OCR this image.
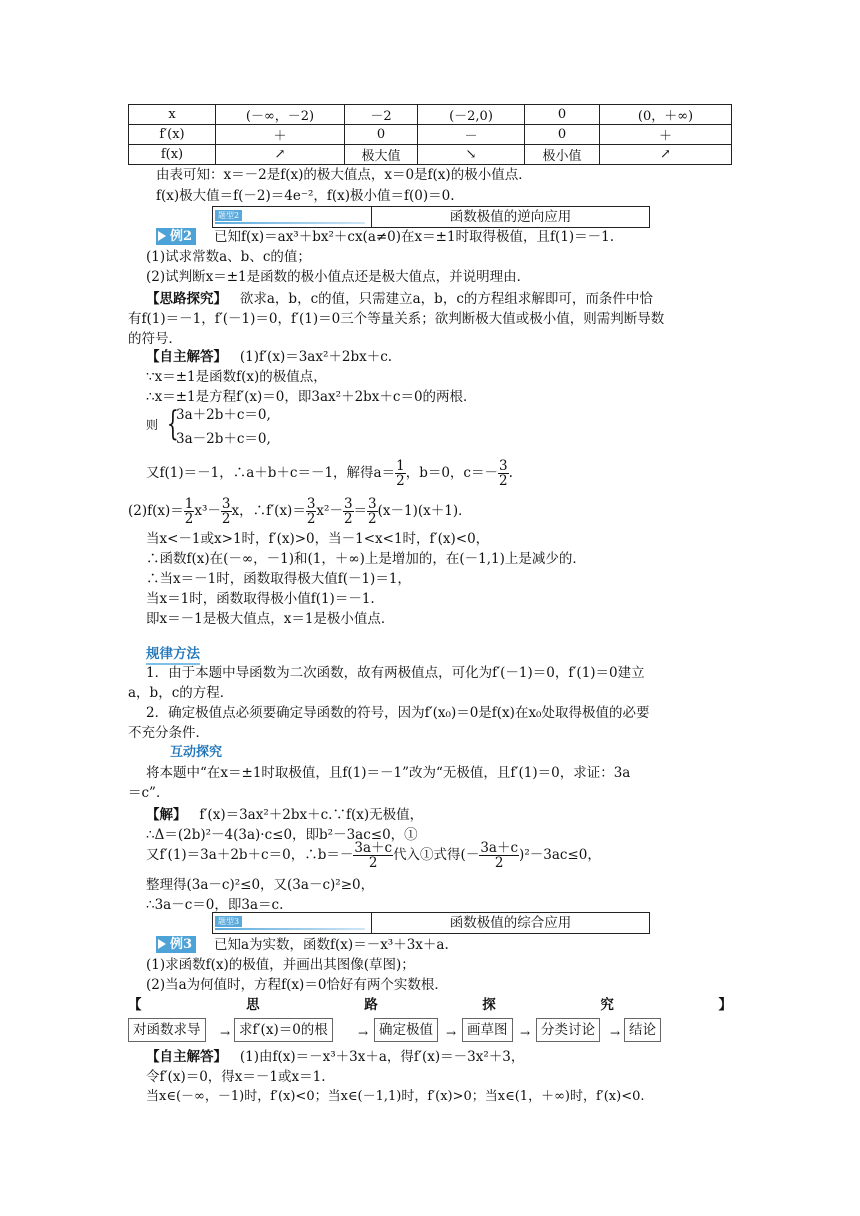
x	(－∞，－2)	－2	(－2,0)	0	(0，＋∞)
f′(x)	＋	0	－	0	＋
f(x)	↗	极大值	↘	极小值	↗
由表可知：x＝－2是f(x)的极大值点，x＝0是f(x)的极小值点．
f(x)极大值＝f(－2)＝4e⁻²，f(x)极小值＝f(0)＝0.
题型2	函数极值的逆向应用
例2 已知f(x)＝ax³＋bx²＋cx(a≠0)在x＝±1时取得极值，且f(1)＝－1.
(1)试求常数a、b、c的值；
(2)试判断x＝±1是函数的极小值点还是极大值点，并说明理由．
【思路探究】 欲求a，b，c的值，只需建立a，b，c的方程组求解即可，而条件中恰
有f(1)＝－1，f′(－1)＝0，f′(1)＝0三个等量关系；欲判断极大值或极小值，则需判断导数
的符号．
【自主解答】 (1)f′(x)＝3ax²＋2bx＋c.
∵x＝±1是函数f(x)的极值点，
∴x＝±1是方程f′(x)＝0，即3ax²＋2bx＋c＝0的两根．
则 {
3a＋2b＋c＝0,
3a－2b＋c＝0,
又f(1)＝－1，∴a＋b＋c＝－1，解得$a= \frac{1}{2}$ ，b＝0，$c=- \frac{3}{2}$ .
$(2)f(x)= \frac{1}{2} x^3- \frac{3}{2}$ x，∴f′(x)＝ $\frac{3}{2} x^2- \frac{3}{2} = \frac{3}{2} (x-1)(x+1)$．
当x<－1或x>1时，f′(x)>0，当－1<x<1时，f′(x)<0，
∴函数f(x)在(－∞，－1)和(1，＋∞)上是增加的，在(－1,1)上是减少的．
∴当x＝－1时，函数取得极大值f(－1)＝1，
当x＝1时，函数取得极小值f(1)＝－1.
即x＝－1是极大值点，x＝1是极小值点．
规律方法
1．由于本题中导函数为二次函数，故有两极值点，可化为f′(－1)＝0，f′(1)＝0建立
a，b，c的方程．
2．确定极值点必须要确定导函数的符号，因为f′(x₀)＝0是f(x)在x₀处取得极值的必要
不充分条件．
互动探究
将本题中“在x＝±1时取极值，且f(1)＝－1”改为“无极值，且f′(1)＝0，求证：3a
＝c”．
【解】 f′(x)＝3ax²＋2bx＋c.∵f(x)无极值，
∴Δ＝(2b)²－4(3a)·c≤0，即b²－3ac≤0，①
又f′(1)＝3a＋2b＋c＝0，∴b＝－ $\frac{3a+c}{2}$ 代入①式得(－ $\frac{3a+c}{2} )^2-3ac\le 0$，
整理得(3a－c)²≤0，又(3a－c)²≥0，
∴3a－c＝0，即3a＝c.
题型3	函数极值的综合应用
例3 已知a为实数，函数f(x)＝－x³＋3x＋a.
(1)求函数f(x)的极值，并画出其图像(草图)；
(2)当a为何值时，方程f(x)＝0恰好有两个实数根．
【	思	路	探	究	】
对函数求导	→ 求f′(x)＝0的根	→ 确定极值	→ 画草图	→ 分类讨论	→ 结论
【自主解答】 (1)由f(x)＝－x³＋3x＋a，得f′(x)＝－3x²＋3，
令f′(x)＝0，得x＝－1或x＝1.
当x∈(－∞，－1)时，f′(x)<0；当x∈(－1,1)时，f′(x)>0；当x∈(1，＋∞)时，f′(x)<0.
